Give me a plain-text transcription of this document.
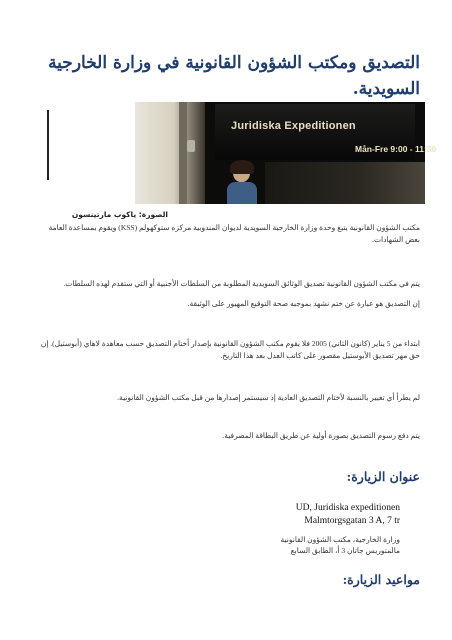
التصديق ومكتب الشؤون القانونية في وزارة الخارجية السويدية.
Juridiska Expeditionen
Mån-Fre 9:00 - 11:30
الصورة: ياكوب مارتينسون
مكتب الشؤون القانونية يتبع وحدة وزارة الخارجية السويدية لديوان المندوبية مركزه ستوكهولم (KSS) ويقوم بمساعدة العامة بعض الشهادات.
يتم في مكتب الشؤون القانونية تصديق الوثائق السويدية المطلوبة من السلطات الأجنبية أو التي ستقدم لهذه السلطات.
إن التصديق هو عبارة عن ختم نشهد بموجبه صحة التوقيع المهيور على الوثيقة.
ابتداء من 5 يناير (كانون الثاني) 2005 فلا يقوم مكتب الشؤون القانونية بإصدار أختام التصديق حسب معاهدة لاهاي (أبوستيل). إن حق مهر تصديق الأبوستيل مقصور على كاتب العدل بعد هذا التاريخ.
لم يطرأ أي تغيير بالنسبة لأختام التصديق العادية إذ سيستمر إصدارها من قبل مكتب الشؤون القانونية.
يتم دفع رسوم التصديق بصورة أولية عن طريق البطاقة المصرفية.
عنوان الزيارة:
UD, Juridiska expeditionen
Malmtorgsgatan 3 A, 7 tr
وزارة الخارجية، مكتب الشؤون القانونية
مالمتوريس جاتان 3 أ، الطابق السابع
مواعيد الزيارة:
